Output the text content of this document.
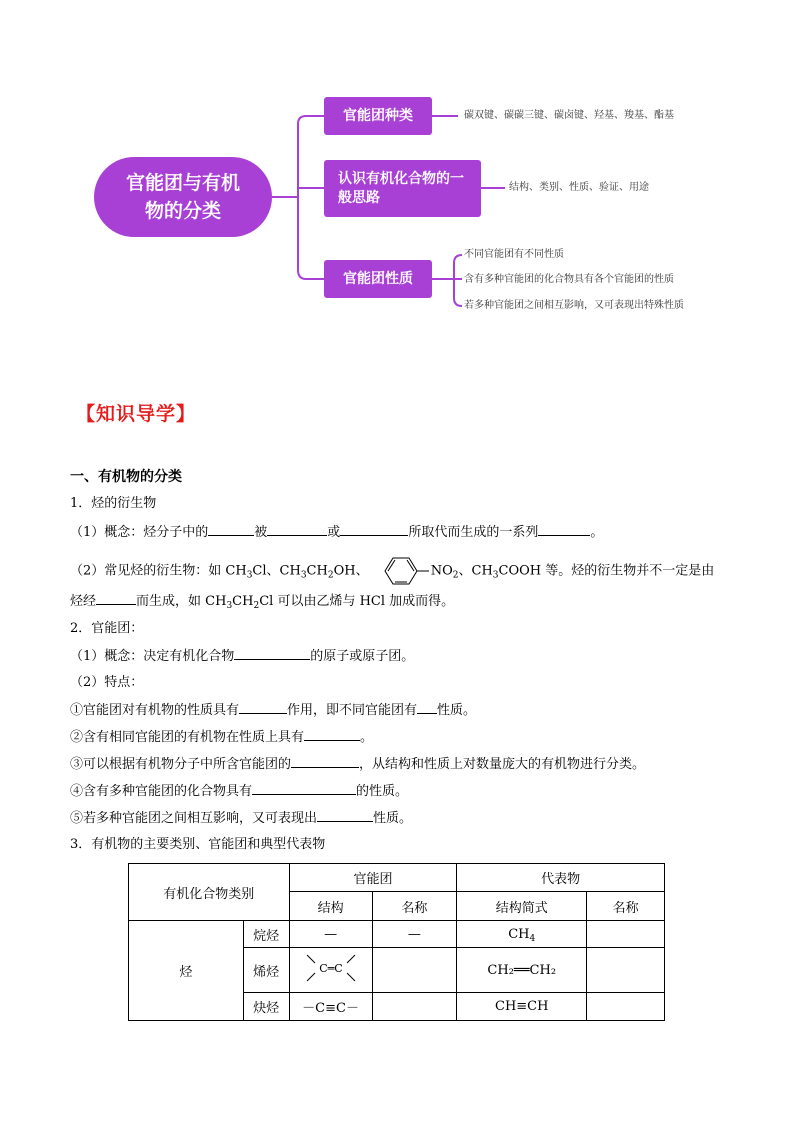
官能团与有机物的分类
官能团种类
认识有机化合物的一般思路
官能团性质
碳双键、碳碳三键、碳卤键、羟基、羧基、酯基
结构、类别、性质、验证、用途
不同官能团有不同性质
含有多种官能团的化合物具有各个官能团的性质
若多种官能团之间相互影响，又可表现出特殊性质
【知识导学】
一、有机物的分类
1．烃的衍生物
（1）概念：烃分子中的	被	或	所取代而生成的一系列	。
（2）常见烃的衍生物：如 $CH_3Cl$、$CH_3CH_2OH$、	$NO_2$、$CH_3COOH$ 等。烃的衍生物并不一定是由
烃经	而生成，如 $CH_3CH_2Cl$ 可以由乙烯与 HCl 加成而得。
2．官能团：
（1）概念：决定有机化合物	的原子或原子团。
（2）特点：
①官能团对有机物的性质具有	作用，即不同官能团有 性质。
②含有相同官能团的有机物在性质上具有	。
③可以根据有机物分子中所含官能团的	，从结构和性质上对数量庞大的有机物进行分类。
④含有多种官能团的化合物具有	的性质。
⑤若多种官能团之间相互影响，又可表现出	性质。
3．有机物的主要类别、官能团和典型代表物
有机化合物类别		官能团		代表物	
		结构	名称	结构简式	名称
烃	烷烃	—	—	$CH_4$	
	烯烃	C═C		CH₂══CH₂	
	炔烃	－C≡C－		CH≡CH	
